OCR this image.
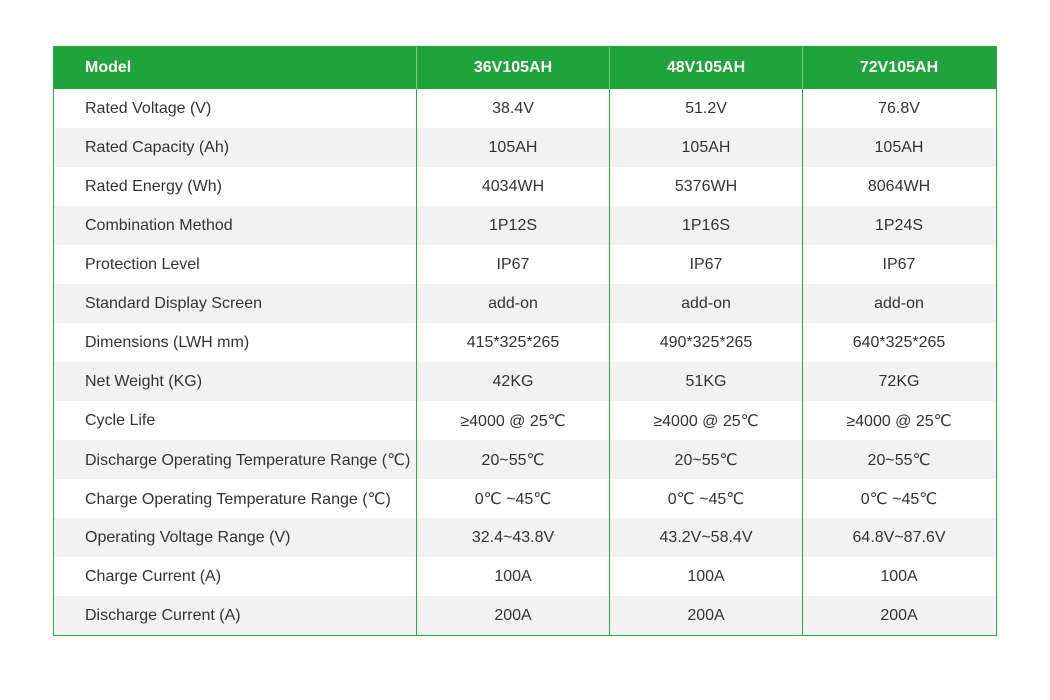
Model	36V105AH	48V105AH	72V105AH
Rated Voltage (V)	38.4V	51.2V	76.8V
Rated Capacity (Ah)	105AH	105AH	105AH
Rated Energy (Wh)	4034WH	5376WH	8064WH
Combination Method	1P12S	1P16S	1P24S
Protection Level	IP67	IP67	IP67
Standard Display Screen	add-on	add-on	add-on
Dimensions (LWH mm)	415*325*265	490*325*265	640*325*265
Net Weight (KG)	42KG	51KG	72KG
Cycle Life	≥4000 @ 25℃	≥4000 @ 25℃	≥4000 @ 25℃
Discharge Operating Temperature Range (℃)	20~55℃	20~55℃	20~55℃
Charge Operating Temperature Range (℃)	0℃ ~45℃	0℃ ~45℃	0℃ ~45℃
Operating Voltage Range (V)	32.4~43.8V	43.2V~58.4V	64.8V~87.6V
Charge Current (A)	100A	100A	100A
Discharge Current (A)	200A	200A	200A
